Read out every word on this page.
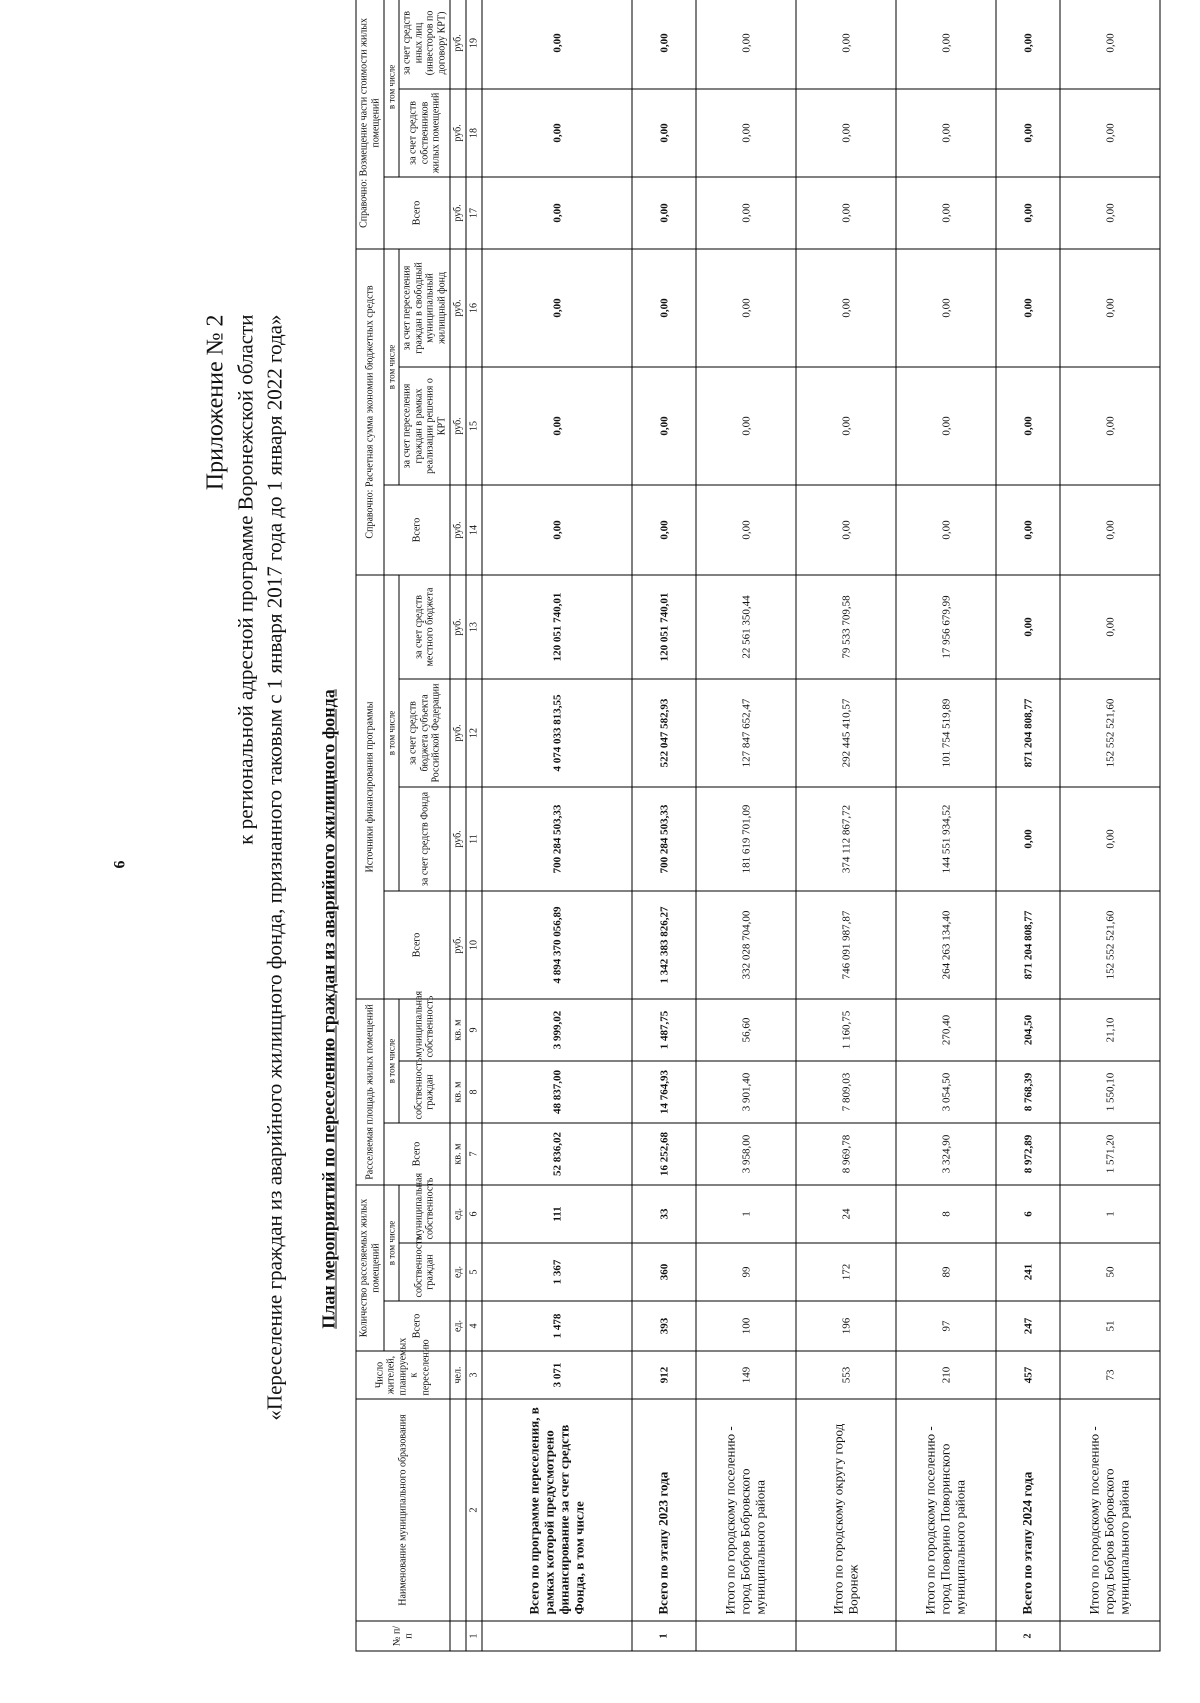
6
Приложение № 2 к региональной адресной программе Воронежской области «Переселение граждан из аварийного жилищного фонда, признанного таковым с 1 января 2017 года до 1 января 2022 года» План мероприятий по переселению граждан из аварийного жилищного фонда
№ п/п	Наименование муниципального образования	Число жителей, планируемых к переселению	Количество расселяемых жилых помещений			Расселяемая площадь жилых помещений			Источники финансирования программы				Справочно: Расчетная сумма экономии бюджетных средств			Справочно: Возмещение части стоимости жилых помещений		
			Всего	в том числе		Всего	в том числе		Всего	в том числе			Всего	в том числе		Всего	в том числе	
				собственность граждан	муниципальная собственность		собственность граждан	муниципальная собственность		за счет средств Фонда	за счет средств бюджета субъекта Российской Федерации	за счет средств местного бюджета		за счет переселения граждан в рамках реализации решения о КРТ	за счет переселения граждан в свободный муниципальный жилищный фонд		за счет средств собственников жилых помещений	за счет средств иных лиц (инвесторов по договору КРТ)
		чел.	ед.	ед.	ед.	кв. м	кв. м	кв. м	руб.	руб.	руб.	руб.	руб.	руб.	руб.	руб.	руб.	руб.
1	2	3	4	5	6	7	8	9	10	11	12	13	14	15	16	17	18	19
	Всего по программе переселения, в рамках которой предусмотрено финансирование за счет средств Фонда, в том числе	3 071	1 478	1 367	111	52 836,02	48 837,00	3 999,02	4 894 370 056,89	700 284 503,33	4 074 033 813,55	120 051 740,01	0,00	0,00	0,00	0,00	0,00	0,00
1	Всего по этапу 2023 года	912	393	360	33	16 252,68	14 764,93	1 487,75	1 342 383 826,27	700 284 503,33	522 047 582,93	120 051 740,01	0,00	0,00	0,00	0,00	0,00	0,00
	Итого по городскому поселению - город Бобров Бобровского муниципального района	149	100	99	1	3 958,00	3 901,40	56,60	332 028 704,00	181 619 701,09	127 847 652,47	22 561 350,44	0,00	0,00	0,00	0,00	0,00	0,00
	Итого по городскому округу город Воронеж	553	196	172	24	8 969,78	7 809,03	1 160,75	746 091 987,87	374 112 867,72	292 445 410,57	79 533 709,58	0,00	0,00	0,00	0,00	0,00	0,00
	Итого по городскому поселению - город Поворино Поворинского муниципального района	210	97	89	8	3 324,90	3 054,50	270,40	264 263 134,40	144 551 934,52	101 754 519,89	17 956 679,99	0,00	0,00	0,00	0,00	0,00	0,00
2	Всего по этапу 2024 года	457	247	241	6	8 972,89	8 768,39	204,50	871 204 808,77	0,00	871 204 808,77	0,00	0,00	0,00	0,00	0,00	0,00	0,00
	Итого по городскому поселению - город Бобров Бобровского муниципального района	73	51	50	1	1 571,20	1 550,10	21,10	152 552 521,60	0,00	152 552 521,60	0,00	0,00	0,00	0,00	0,00	0,00	0,00
